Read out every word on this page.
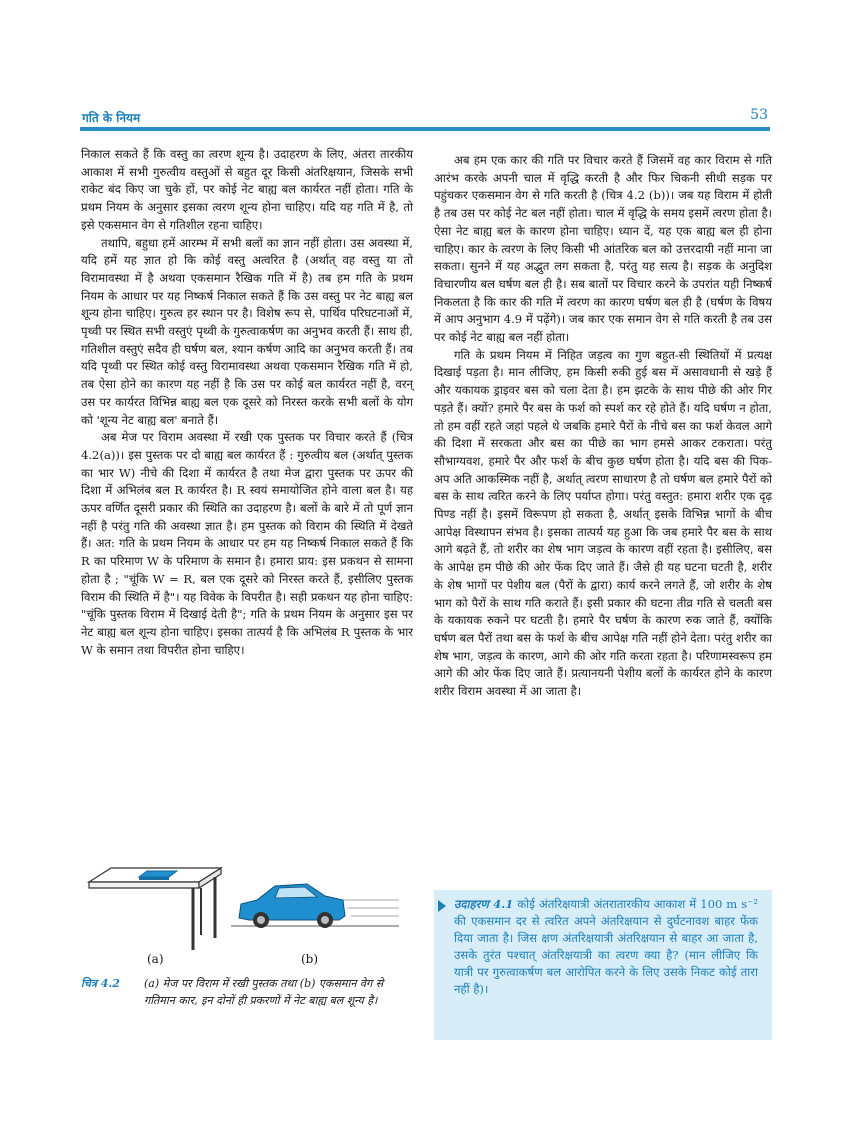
गति के नियम	53

निकाल सकते हैं कि वस्तु का त्वरण शून्य है। उदाहरण के लिए, अंतरा तारकीय आकाश में सभी गुरुत्वीय वस्तुओं से बहुत दूर किसी अंतरिक्षयान, जिसके सभी राकेट बंद किए जा चुके हों, पर कोई नेट बाह्य बल कार्यरत नहीं होता। गति के प्रथम नियम के अनुसार इसका त्वरण शून्य होना चाहिए। यदि यह गति में है, तो इसे एकसमान वेग से गतिशील रहना चाहिए।

तथापि, बहुधा हमें आरम्भ में सभी बलों का ज्ञान नहीं होता। उस अवस्था में, यदि हमें यह ज्ञात हो कि कोई वस्तु अत्वरित है (अर्थात् वह वस्तु या तो विरामावस्था में है अथवा एकसमान रैखिक गति में है) तब हम गति के प्रथम नियम के आधार पर यह निष्कर्ष निकाल सकते हैं कि उस वस्तु पर नेट बाह्य बल शून्य होना चाहिए। गुरुत्व हर स्थान पर है। विशेष रूप से, पार्थिव परिघटनाओं में, पृथ्वी पर स्थित सभी वस्तुएं पृथ्वी के गुरुत्वाकर्षण का अनुभव करती हैं। साथ ही, गतिशील वस्तुएं सदैव ही घर्षण बल, श्यान कर्षण आदि का अनुभव करती हैं। तब यदि पृथ्वी पर स्थित कोई वस्तु विरामावस्था अथवा एकसमान रैखिक गति में हो, तब ऐसा होने का कारण यह नहीं है कि उस पर कोई बल कार्यरत नहीं है, वरन् उस पर कार्यरत विभिन्न बाह्य बल एक दूसरे को निरस्त करके सभी बलों के योग को 'शून्य नेट बाह्य बल' बनाते हैं।

अब मेज पर विराम अवस्था में रखी एक पुस्तक पर विचार करते हैं (चित्र 4.2(a))। इस पुस्तक पर दो बाह्य बल कार्यरत हैं : गुरुत्वीय बल (अर्थात् पुस्तक का भार W) नीचे की दिशा में कार्यरत है तथा मेज द्वारा पुस्तक पर ऊपर की दिशा में अभिलंब बल R कार्यरत है। R स्वयं समायोजित होने वाला बल है। यह ऊपर वर्णित दूसरी प्रकार की स्थिति का उदाहरण है। बलों के बारे में तो पूर्ण ज्ञान नहीं है परंतु गति की अवस्था ज्ञात है। हम पुस्तक को विराम की स्थिति में देखते हैं। अत: गति के प्रथम नियम के आधार पर हम यह निष्कर्ष निकाल सकते हैं कि R का परिमाण W के परिमाण के समान है। हमारा प्राय: इस प्रकथन से सामना होता है ; "चूंकि W = R, बल एक दूसरे को निरस्त करते हैं, इसीलिए पुस्तक विराम की स्थिति में है"। यह विवेक के विपरीत है। सही प्रकथन यह होना चाहिए: "चूंकि पुस्तक विराम में दिखाई देती है"; गति के प्रथम नियम के अनुसार इस पर नेट बाह्य बल शून्य होना चाहिए। इसका तात्पर्य है कि अभिलंब R पुस्तक के भार W के समान तथा विपरीत होना चाहिए।

(a)	(b)
चित्र 4.2 (a) मेज पर विराम में रखी पुस्तक तथा (b) एकसमान वेग से गतिमान कार, इन दोनों ही प्रकरणों में नेट बाह्य बल शून्य है।

अब हम एक कार की गति पर विचार करते हैं जिसमें वह कार विराम से गति आरंभ करके अपनी चाल में वृद्धि करती है और फिर चिकनी सीधी सड़क पर पहुंचकर एकसमान वेग से गति करती है (चित्र 4.2 (b))। जब यह विराम में होती है तब उस पर कोई नेट बल नहीं होता। चाल में वृद्धि के समय इसमें त्वरण होता है। ऐसा नेट बाह्य बल के कारण होना चाहिए। ध्यान दें, यह एक बाह्य बल ही होना चाहिए। कार के त्वरण के लिए किसी भी आंतरिक बल को उत्तरदायी नहीं माना जा सकता। सुनने में यह अद्भुत लग सकता है, परंतु यह सत्य है। सड़क के अनुदिश विचारणीय बल घर्षण बल ही है। सब बातों पर विचार करने के उपरांत यही निष्कर्ष निकलता है कि कार की गति में त्वरण का कारण घर्षण बल ही है (घर्षण के विषय में आप अनुभाग 4.9 में पढ़ेंगे)। जब कार एक समान वेग से गति करती है तब उस पर कोई नेट बाह्य बल नहीं होता।

गति के प्रथम नियम में निहित जड़त्व का गुण बहुत-सी स्थितियों में प्रत्यक्ष दिखाई पड़ता है। मान लीजिए, हम किसी रुकी हुई बस में असावधानी से खड़े हैं और यकायक ड्राइवर बस को चला देता है। हम झटके के साथ पीछे की ओर गिर पड़ते हैं। क्यों? हमारे पैर बस के फर्श को स्पर्श कर रहे होते हैं। यदि घर्षण न होता, तो हम वहीं रहते जहां पहले थे जबकि हमारे पैरों के नीचे बस का फर्श केवल आगे की दिशा में सरकता और बस का पीछे का भाग हमसे आकर टकराता। परंतु सौभाग्यवश, हमारे पैर और फर्श के बीच कुछ घर्षण होता है। यदि बस की पिक-अप अति आकस्मिक नहीं है, अर्थात् त्वरण साधारण है तो घर्षण बल हमारे पैरों को बस के साथ त्वरित करने के लिए पर्याप्त होगा। परंतु वस्तुत: हमारा शरीर एक दृढ़ पिण्ड नहीं है। इसमें विरूपण हो सकता है, अर्थात् इसके विभिन्न भागों के बीच आपेक्ष विस्थापन संभव है। इसका तात्पर्य यह हुआ कि जब हमारे पैर बस के साथ आगे बढ़ते हैं, तो शरीर का शेष भाग जड़त्व के कारण वहीं रहता है। इसीलिए, बस के आपेक्ष हम पीछे की ओर फेंक दिए जाते हैं। जैसे ही यह घटना घटती है, शरीर के शेष भागों पर पेशीय बल (पैरों के द्वारा) कार्य करने लगते हैं, जो शरीर के शेष भाग को पैरों के साथ गति कराते हैं। इसी प्रकार की घटना तीव्र गति से चलती बस के यकायक रुकने पर घटती है। हमारे पैर घर्षण के कारण रुक जाते हैं, क्योंकि घर्षण बल पैरों तथा बस के फर्श के बीच आपेक्ष गति नहीं होने देता। परंतु शरीर का शेष भाग, जड़त्व के कारण, आगे की ओर गति करता रहता है। परिणामस्वरूप हम आगे की ओर फेंक दिए जाते हैं। प्रत्यानयनी पेशीय बलों के कार्यरत होने के कारण शरीर विराम अवस्था में आ जाता है।

उदाहरण 4.1 कोई अंतरिक्षयात्री अंतरातारकीय आकाश में 100 m s⁻² की एकसमान दर से त्वरित अपने अंतरिक्षयान से दुर्घटनावश बाहर फेंक दिया जाता है। जिस क्षण अंतरिक्षयात्री अंतरिक्षयान से बाहर आ जाता है, उसके तुरंत पश्चात् अंतरिक्षयात्री का त्वरण क्या है? (मान लीजिए कि यात्री पर गुरुत्वाकर्षण बल आरोपित करने के लिए उसके निकट कोई तारा नहीं है)।
